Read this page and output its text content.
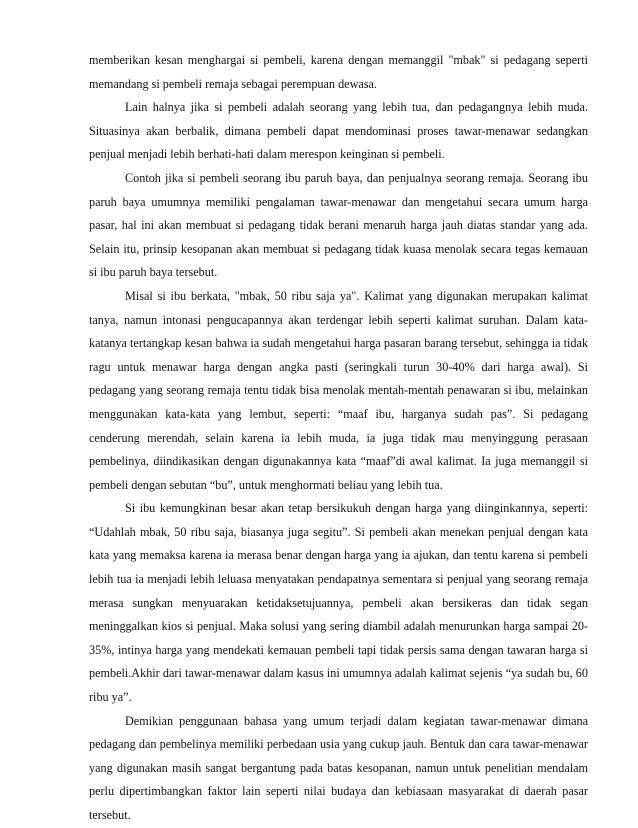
memberikan kesan menghargai si pembeli, karena dengan memanggil "mbak" si pedagang seperti memandang si pembeli remaja sebagai perempuan dewasa.

Lain halnya jika si pembeli adalah seorang yang lebih tua, dan pedagangnya lebih muda. Situasinya akan berbalik, dimana pembeli dapat mendominasi proses tawar-menawar sedangkan penjual menjadi lebih berhati-hati dalam merespon keinginan si pembeli.

Contoh jika si pembeli seorang ibu paruh baya, dan penjualnya seorang remaja. Seorang ibu paruh baya umumnya memiliki pengalaman tawar-menawar dan mengetahui secara umum harga pasar, hal ini akan membuat si pedagang tidak berani menaruh harga jauh diatas standar yang ada. Selain itu, prinsip kesopanan akan membuat si pedagang tidak kuasa menolak secara tegas kemauan si ibu paruh baya tersebut.

Misal si ibu berkata, "mbak, 50 ribu saja ya". Kalimat yang digunakan merupakan kalimat tanya, namun intonasi pengucapannya akan terdengar lebih seperti kalimat suruhan. Dalam kata-katanya tertangkap kesan bahwa ia sudah mengetahui harga pasaran barang tersebut, sehingga ia tidak ragu untuk menawar harga dengan angka pasti (seringkali turun 30-40% dari harga awal). Si pedagang yang seorang remaja tentu tidak bisa menolak mentah-mentah penawaran si ibu, melainkan menggunakan kata-kata yang lembut, seperti: “maaf ibu, harganya sudah pas”. Si pedagang cenderung merendah, selain karena ia lebih muda, ia juga tidak mau menyinggung perasaan pembelinya, diindikasikan dengan digunakannya kata “maaf”di awal kalimat. Ia juga memanggil si pembeli dengan sebutan “bu”, untuk menghormati beliau yang lebih tua.

Si ibu kemungkinan besar akan tetap bersikukuh dengan harga yang diinginkannya, seperti: “Udahlah mbak, 50 ribu saja, biasanya juga segitu”. Si pembeli akan menekan penjual dengan kata kata yang memaksa karena ia merasa benar dengan harga yang ia ajukan, dan tentu karena si pembeli lebih tua ia menjadi lebih leluasa menyatakan pendapatnya sementara si penjual yang seorang remaja merasa sungkan menyuarakan ketidaksetujuannya, pembeli akan bersikeras dan tidak segan meninggalkan kios si penjual. Maka solusi yang sering diambil adalah menurunkan harga sampai 20-35%, intinya harga yang mendekati kemauan pembeli tapi tidak persis sama dengan tawaran harga si pembeli.Akhir dari tawar-menawar dalam kasus ini umumnya adalah kalimat sejenis “ya sudah bu, 60 ribu ya”.

Demikian penggunaan bahasa yang umum terjadi dalam kegiatan tawar-menawar dimana pedagang dan pembelinya memiliki perbedaan usia yang cukup jauh. Bentuk dan cara tawar-menawar yang digunakan masih sangat bergantung pada batas kesopanan, namun untuk penelitian mendalam perlu dipertimbangkan faktor lain seperti nilai budaya dan kebiasaan masyarakat di daerah pasar tersebut.
